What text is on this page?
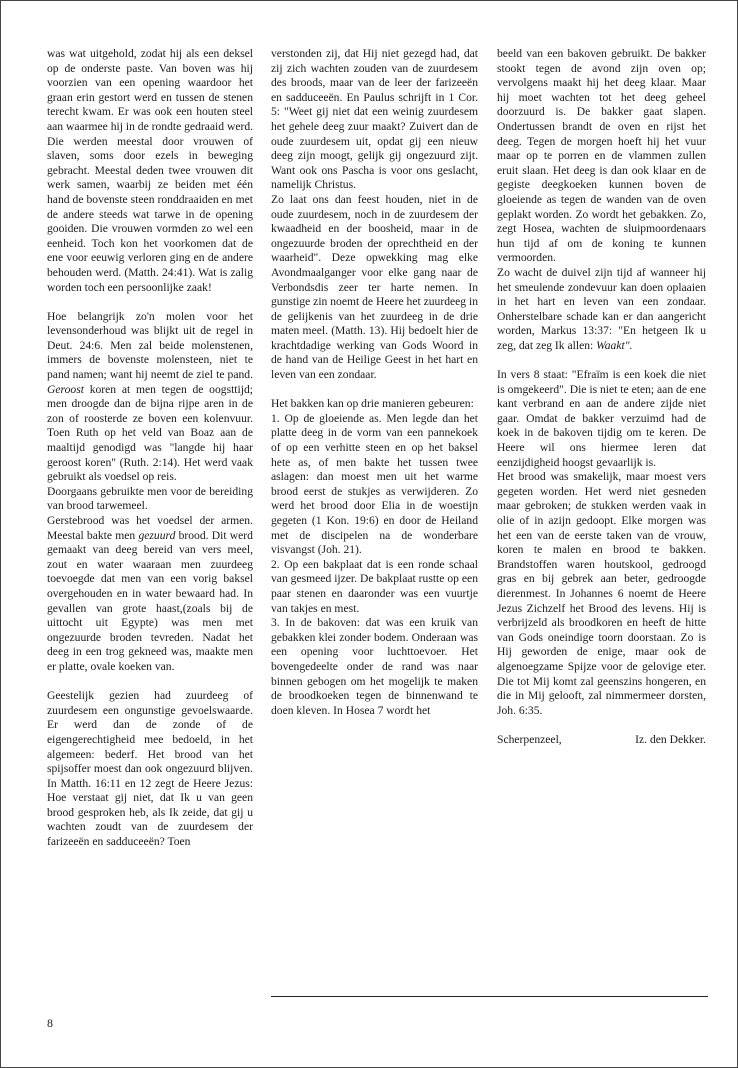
was wat uitgehold, zodat hij als een deksel op de onderste paste. Van boven was hij voorzien van een opening waardoor het graan erin gestort werd en tussen de stenen terecht kwam. Er was ook een houten steel aan waarmee hij in de rondte gedraaid werd. Die werden meestal door vrouwen of slaven, soms door ezels in beweging gebracht. Meestal deden twee vrouwen dit werk samen, waarbij ze beiden met één hand de bovenste steen ronddraaiden en met de andere steeds wat tarwe in de opening gooiden. Die vrouwen vormden zo wel een eenheid. Toch kon het voorkomen dat de ene voor eeuwig verloren ging en de andere behouden werd. (Matth. 24:41). Wat is zalig worden toch een persoonlijke zaak!

Hoe belangrijk zo'n molen voor het levensonderhoud was blijkt uit de regel in Deut. 24:6. Men zal beide molenstenen, immers de bovenste molensteen, niet te pand namen; want hij neemt de ziel te pand. Geroost koren at men tegen de oogsttijd; men droogde dan de bijna rijpe aren in de zon of roosterde ze boven een kolenvuur. Toen Ruth op het veld van Boaz aan de maaltijd genodigd was "langde hij haar geroost koren" (Ruth. 2:14). Het werd vaak gebruikt als voedsel op reis.

Doorgaans gebruikte men voor de bereiding van brood tarwemeel.

Gerstebrood was het voedsel der armen. Meestal bakte men gezuurd brood. Dit werd gemaakt van deeg bereid van vers meel, zout en water waaraan men zuurdeeg toevoegde dat men van een vorig baksel overgehouden en in water bewaard had. In gevallen van grote haast,(zoals bij de uittocht uit Egypte) was men met ongezuurde broden tevreden. Nadat het deeg in een trog gekneed was, maakte men er platte, ovale koeken van.

Geestelijk gezien had zuurdeeg of zuurdesem een ongunstige gevoelswaarde. Er werd dan de zonde of de eigengerechtigheid mee bedoeld, in het algemeen: bederf. Het brood van het spijsoffer moest dan ook ongezuurd blijven. In Matth. 16:11 en 12 zegt de Heere Jezus: Hoe verstaat gij niet, dat Ik u van geen brood gesproken heb, als Ik zeide, dat gij u wachten zoudt van de zuurdesem der farizeeën en sadduceeën? Toen

verstonden zij, dat Hij niet gezegd had, dat zij zich wachten zouden van de zuurdesem des broods, maar van de leer der farizeeën en sadduceeën. En Paulus schrijft in 1 Cor. 5: "Weet gij niet dat een weinig zuurdesem het gehele deeg zuur maakt? Zuivert dan de oude zuurdesem uit, opdat gij een nieuw deeg zijn moogt, gelijk gij ongezuurd zijt. Want ook ons Pascha is voor ons geslacht, namelijk Christus.

Zo laat ons dan feest houden, niet in de oude zuurdesem, noch in de zuurdesem der kwaadheid en der boosheid, maar in de ongezuurde broden der oprechtheid en der waarheid". Deze opwekking mag elke Avondmaalganger voor elke gang naar de Verbondsdis zeer ter harte nemen. In gunstige zin noemt de Heere het zuurdeeg in de gelijkenis van het zuurdeeg in de drie maten meel. (Matth. 13). Hij bedoelt hier de krachtdadige werking van Gods Woord in de hand van de Heilige Geest in het hart en leven van een zondaar.

Het bakken kan op drie manieren gebeuren:

1. Op de gloeiende as. Men legde dan het platte deeg in de vorm van een pannekoek of op een verhitte steen en op het baksel hete as, of men bakte het tussen twee aslagen: dan moest men uit het warme brood eerst de stukjes as verwijderen. Zo werd het brood door Elia in de woestijn gegeten (1 Kon. 19:6) en door de Heiland met de discipelen na de wonderbare visvangst (Joh. 21).

2. Op een bakplaat dat is een ronde schaal van gesmeed ijzer. De bakplaat rustte op een paar stenen en daaronder was een vuurtje van takjes en mest.

3. In de bakoven: dat was een kruik van gebakken klei zonder bodem. Onderaan was een opening voor luchttoevoer. Het bovengedeelte onder de rand was naar binnen gebogen om het mogelijk te maken de broodkoeken tegen de binnenwand te doen kleven. In Hosea 7 wordt het

beeld van een bakoven gebruikt. De bakker stookt tegen de avond zijn oven op; vervolgens maakt hij het deeg klaar. Maar hij moet wachten tot het deeg geheel doorzuurd is. De bakker gaat slapen. Ondertussen brandt de oven en rijst het deeg. Tegen de morgen hoeft hij het vuur maar op te porren en de vlammen zullen eruit slaan. Het deeg is dan ook klaar en de gegiste deegkoeken kunnen boven de gloeiende as tegen de wanden van de oven geplakt worden. Zo wordt het gebakken. Zo, zegt Hosea, wachten de sluipmoordenaars hun tijd af om de koning te kunnen vermoorden.

Zo wacht de duivel zijn tijd af wanneer hij het smeulende zondevuur kan doen oplaaien in het hart en leven van een zondaar. Onherstelbare schade kan er dan aangericht worden, Markus 13:37: "En hetgeen Ik u zeg, dat zeg Ik allen: Waakt".

In vers 8 staat: "Efraïm is een koek die niet is omgekeerd". Die is niet te eten; aan de ene kant verbrand en aan de andere zijde niet gaar. Omdat de bakker verzuimd had de koek in de bakoven tijdig om te keren. De Heere wil ons hiermee leren dat eenzijdigheid hoogst gevaarlijk is.

Het brood was smakelijk, maar moest vers gegeten worden. Het werd niet gesneden maar gebroken; de stukken werden vaak in olie of in azijn gedoopt. Elke morgen was het een van de eerste taken van de vrouw, koren te malen en brood te bakken. Brandstoffen waren houtskool, gedroogd gras en bij gebrek aan beter, gedroogde dierenmest. In Johannes 6 noemt de Heere Jezus Zichzelf het Brood des levens. Hij is verbrijzeld als broodkoren en heeft de hitte van Gods oneindige toorn doorstaan. Zo is Hij geworden de enige, maar ook de algenoegzame Spijze voor de gelovige eter. Die tot Mij komt zal geenszins hongeren, en die in Mij gelooft, zal nimmermeer dorsten, Joh. 6:35.

Scherpenzeel,	Iz. den Dekker.
8
